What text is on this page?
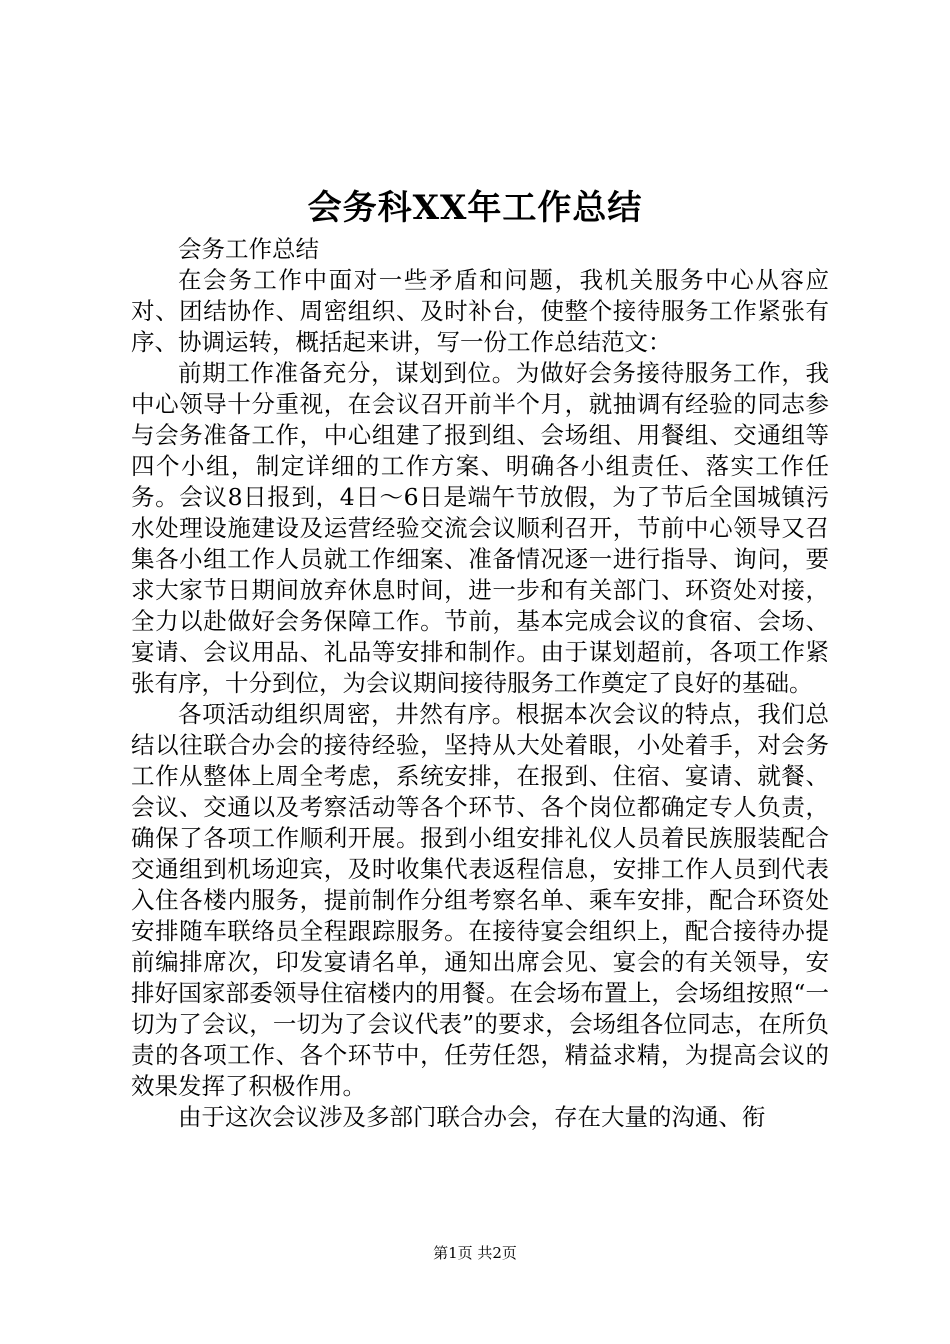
会务科XX年工作总结

会务工作总结

在会务工作中面对一些矛盾和问题，我机关服务中心从容应对、团结协作、周密组织、及时补台，使整个接待服务工作紧张有序、协调运转，概括起来讲，写一份工作总结范文：

前期工作准备充分，谋划到位。为做好会务接待服务工作，我中心领导十分重视，在会议召开前半个月，就抽调有经验的同志参与会务准备工作，中心组建了报到组、会场组、用餐组、交通组等四个小组，制定详细的工作方案、明确各小组责任、落实工作任务。会议8日报到，4日～6日是端午节放假，为了节后全国城镇污水处理设施建设及运营经验交流会议顺利召开，节前中心领导又召集各小组工作人员就工作细案、准备情况逐一进行指导、询问，要求大家节日期间放弃休息时间，进一步和有关部门、环资处对接，全力以赴做好会务保障工作。节前，基本完成会议的食宿、会场、宴请、会议用品、礼品等安排和制作。由于谋划超前，各项工作紧张有序，十分到位，为会议期间接待服务工作奠定了良好的基础。

各项活动组织周密，井然有序。根据本次会议的特点，我们总结以往联合办会的接待经验，坚持从大处着眼，小处着手，对会务工作从整体上周全考虑，系统安排，在报到、住宿、宴请、就餐、会议、交通以及考察活动等各个环节、各个岗位都确定专人负责，确保了各项工作顺利开展。报到小组安排礼仪人员着民族服装配合交通组到机场迎宾，及时收集代表返程信息，安排工作人员到代表入住各楼内服务，提前制作分组考察名单、乘车安排，配合环资处安排随车联络员全程跟踪服务。在接待宴会组织上，配合接待办提前编排席次，印发宴请名单，通知出席会见、宴会的有关领导，安排好国家部委领导住宿楼内的用餐。在会场布置上，会场组按照“一切为了会议，一切为了会议代表”的要求，会场组各位同志，在所负责的各项工作、各个环节中，任劳任怨，精益求精，为提高会议的效果发挥了积极作用。

由于这次会议涉及多部门联合办会，存在大量的沟通、衔

第1页 共2页
